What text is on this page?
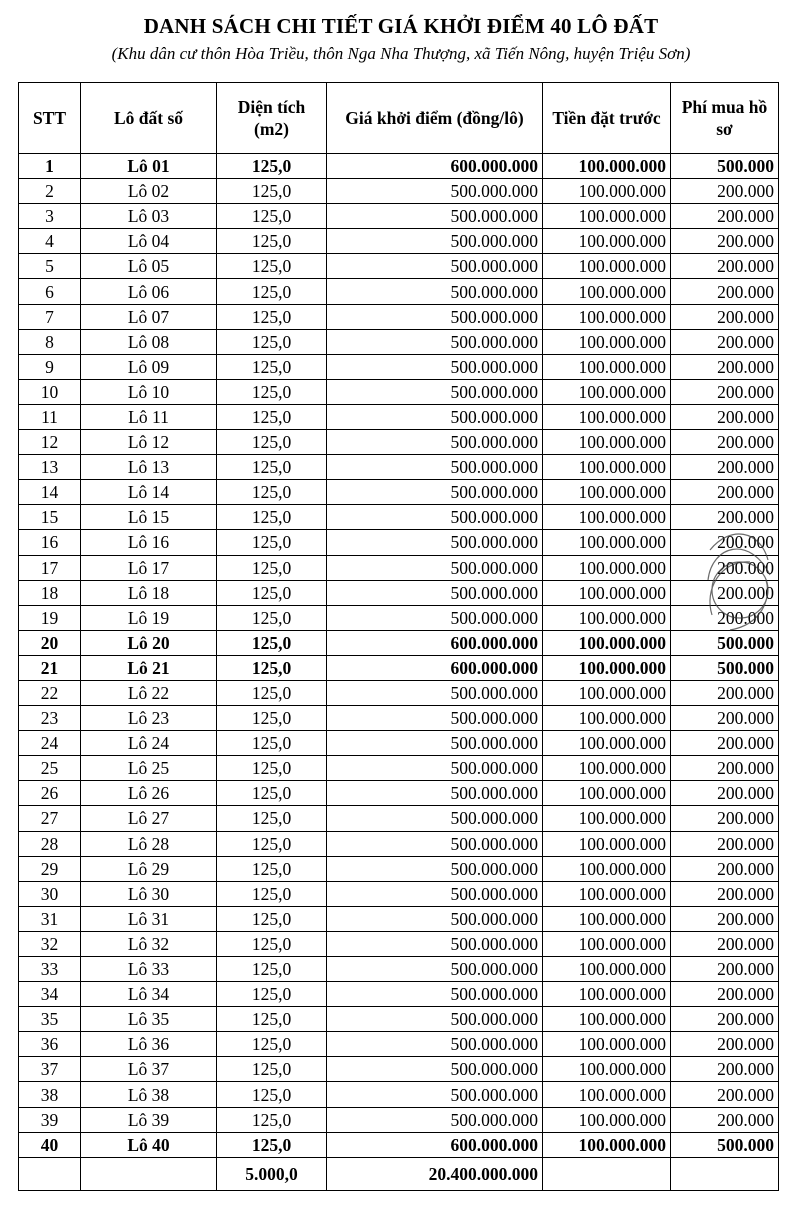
DANH SÁCH CHI TIẾT GIÁ KHỞI ĐIỂM 40 LÔ ĐẤT
(Khu dân cư thôn Hòa Triều, thôn Nga Nha Thượng, xã Tiến Nông, huyện Triệu Sơn)
STT	Lô đất số	Diện tích (m2)	Giá khởi điểm (đồng/lô)	Tiền đặt trước	Phí mua hồ sơ
1	Lô 01	125,0	600.000.000	100.000.000	500.000
2	Lô 02	125,0	500.000.000	100.000.000	200.000
3	Lô 03	125,0	500.000.000	100.000.000	200.000
4	Lô 04	125,0	500.000.000	100.000.000	200.000
5	Lô 05	125,0	500.000.000	100.000.000	200.000
6	Lô 06	125,0	500.000.000	100.000.000	200.000
7	Lô 07	125,0	500.000.000	100.000.000	200.000
8	Lô 08	125,0	500.000.000	100.000.000	200.000
9	Lô 09	125,0	500.000.000	100.000.000	200.000
10	Lô 10	125,0	500.000.000	100.000.000	200.000
11	Lô 11	125,0	500.000.000	100.000.000	200.000
12	Lô 12	125,0	500.000.000	100.000.000	200.000
13	Lô 13	125,0	500.000.000	100.000.000	200.000
14	Lô 14	125,0	500.000.000	100.000.000	200.000
15	Lô 15	125,0	500.000.000	100.000.000	200.000
16	Lô 16	125,0	500.000.000	100.000.000	200.000
17	Lô 17	125,0	500.000.000	100.000.000	200.000
18	Lô 18	125,0	500.000.000	100.000.000	200.000
19	Lô 19	125,0	500.000.000	100.000.000	200.000
20	Lô 20	125,0	600.000.000	100.000.000	500.000
21	Lô 21	125,0	600.000.000	100.000.000	500.000
22	Lô 22	125,0	500.000.000	100.000.000	200.000
23	Lô 23	125,0	500.000.000	100.000.000	200.000
24	Lô 24	125,0	500.000.000	100.000.000	200.000
25	Lô 25	125,0	500.000.000	100.000.000	200.000
26	Lô 26	125,0	500.000.000	100.000.000	200.000
27	Lô 27	125,0	500.000.000	100.000.000	200.000
28	Lô 28	125,0	500.000.000	100.000.000	200.000
29	Lô 29	125,0	500.000.000	100.000.000	200.000
30	Lô 30	125,0	500.000.000	100.000.000	200.000
31	Lô 31	125,0	500.000.000	100.000.000	200.000
32	Lô 32	125,0	500.000.000	100.000.000	200.000
33	Lô 33	125,0	500.000.000	100.000.000	200.000
34	Lô 34	125,0	500.000.000	100.000.000	200.000
35	Lô 35	125,0	500.000.000	100.000.000	200.000
36	Lô 36	125,0	500.000.000	100.000.000	200.000
37	Lô 37	125,0	500.000.000	100.000.000	200.000
38	Lô 38	125,0	500.000.000	100.000.000	200.000
39	Lô 39	125,0	500.000.000	100.000.000	200.000
40	Lô 40	125,0	600.000.000	100.000.000	500.000
		5.000,0	20.400.000.000		
